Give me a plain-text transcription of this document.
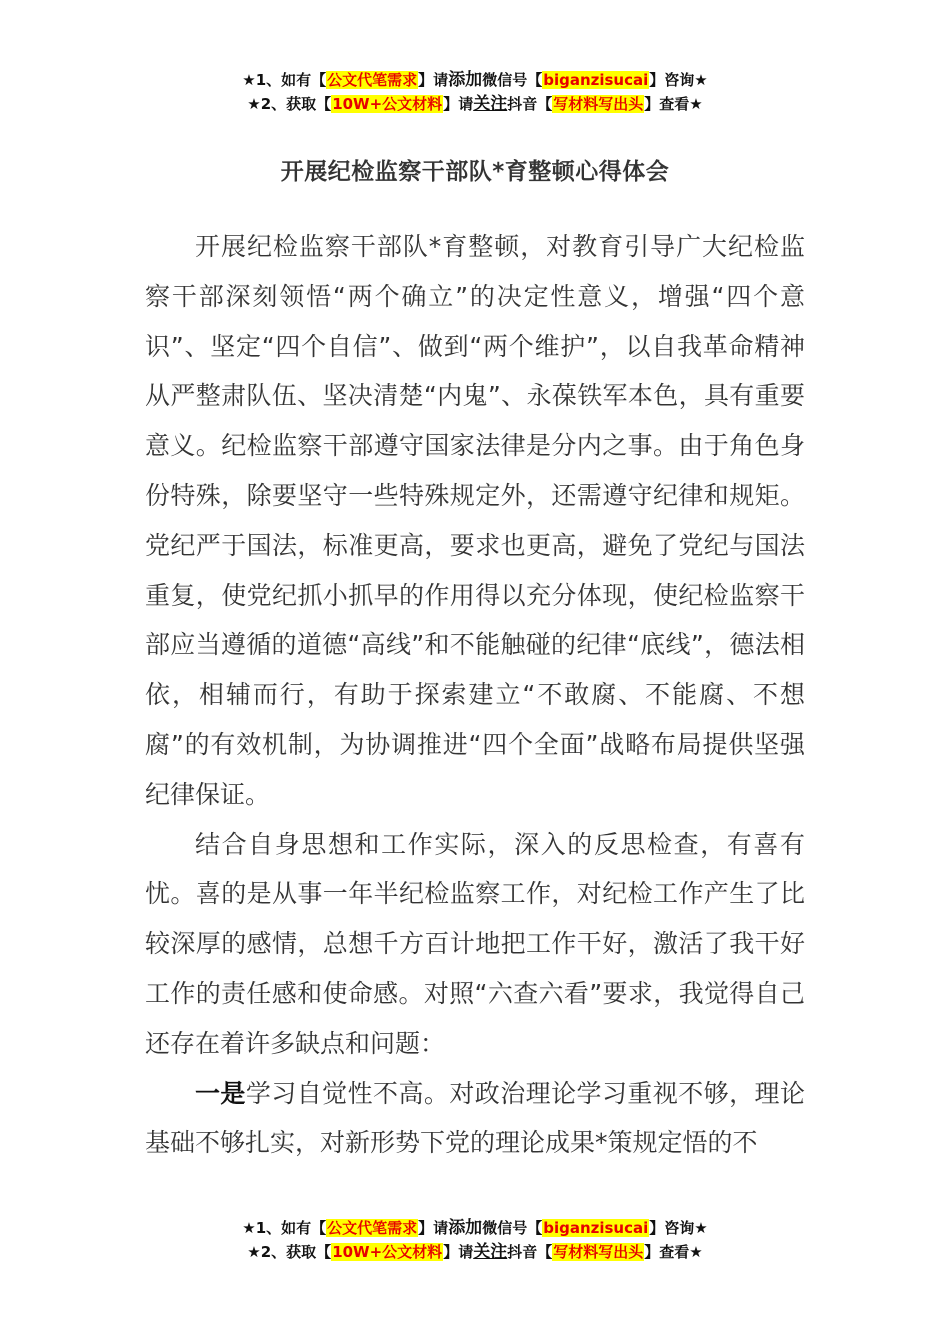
★1、如有【公文代笔需求】请添加微信号【biganzisucai】咨询★
★2、获取【10W+公文材料】请关注抖音【写材料写出头】查看★
开展纪检监察干部队*育整顿心得体会

开展纪检监察干部队*育整顿，对教育引导广大纪检监察干部深刻领悟“两个确立”的决定性意义，增强“四个意识”、坚定“四个自信”、做到“两个维护”，以自我革命精神从严整肃队伍、坚决清楚“内鬼”、永葆铁军本色，具有重要意义。纪检监察干部遵守国家法律是分内之事。由于角色身份特殊，除要坚守一些特殊规定外，还需遵守纪律和规矩。党纪严于国法，标准更高，要求也更高，避免了党纪与国法重复，使党纪抓小抓早的作用得以充分体现，使纪检监察干部应当遵循的道德“高线”和不能触碰的纪律“底线”，德法相依，相辅而行，有助于探索建立“不敢腐、不能腐、不想腐”的有效机制，为协调推进“四个全面”战略布局提供坚强纪律保证。

结合自身思想和工作实际，深入的反思检查，有喜有忧。喜的是从事一年半纪检监察工作，对纪检工作产生了比较深厚的感情，总想千方百计地把工作干好，激活了我干好工作的责任感和使命感。对照“六查六看”要求，我觉得自己还存在着许多缺点和问题：

一是学习自觉性不高。对政治理论学习重视不够，理论基础不够扎实，对新形势下党的理论成果*策规定悟的不

★1、如有【公文代笔需求】请添加微信号【biganzisucai】咨询★
★2、获取【10W+公文材料】请关注抖音【写材料写出头】查看★
